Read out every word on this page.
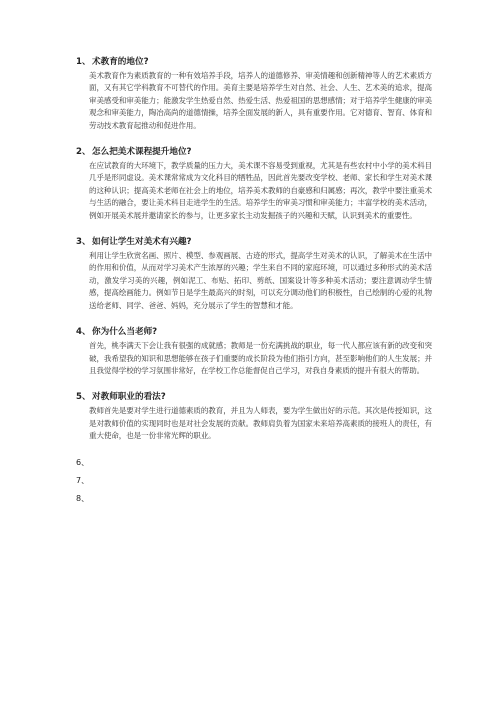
1、 术教育的地位?
美术教育作为素质教育的一种有效培养手段，培养人的道德修养、审美情趣和创新精神等人的艺术素质方面，又有其它学科教育不可替代的作用。美育主要是培养学生对自然、社会、人生、艺术美的追求，提高审美感受和审美能力；能激发学生热爱自然、热爱生活、热爱祖国的思想感情；对于培养学生健康的审美观念和审美能力，陶冶高尚的道德情操，培养全面发展的新人，具有重要作用。它对德育、智育、体育和劳动技术教育起推动和促进作用。
2、 怎么把美术课程提升地位?
在应试教育的大环境下，教学质量的压力大，美术课不容易受到重视，尤其是有些农村中小学的美术科目几乎是形同虚设。美术课常常成为文化科目的牺牲品，因此首先要改变学校、老师、家长和学生对美术课的这种认识；提高美术老师在社会上的地位，培养美术教师的自豪感和归属感；再次，教学中要注重美术与生活的融合，要让美术科目走进学生的生活。培养学生的审美习惯和审美能力；丰富学校的美术活动，例如开展美术展并邀请家长的参与，让更多家长主动发掘孩子的兴趣和天赋，认识到美术的重要性。
3、 如何让学生对美术有兴趣?
利用让学生欣赏名画、照片、模型、参观画展、古迹的形式，提高学生对美术的认识，了解美术在生活中的作用和价值，从而对学习美术产生浓厚的兴趣；学生来自不同的家庭环境，可以通过多种形式的美术活动，激发学习美的兴趣，例如泥工、布贴、拓印、剪纸、国案设计等多种美术活动；要注意调动学生情感，提高绘画能力。例如节日是学生最高兴的时刻，可以充分调动他们的积极性，自己绘制的心爱的礼物送给老师、同学、爸爸、妈妈，充分展示了学生的智慧和才能。
4、 你为什么当老师?
首先，桃李满天下会让我有很强的成就感；教师是一份充满挑战的职业，每一代人都应该有新的改变和突破，我希望我的知识和思想能够在孩子们重要的成长阶段为他们指引方向，甚至影响他们的人生发展；并且我觉得学校的学习氛围非常好，在学校工作总能督促自己学习，对我自身素质的提升有很大的帮助。
5、 对教师职业的看法?
教师首先是要对学生进行道德素质的教育，并且为人师表，要为学生做出好的示范。其次是传授知识，这是对教师价值的实现同时也是对社会发展的贡献。教师肩负着为国家未来培养高素质的接班人的责任，有重大使命，也是一份非常光辉的职业。
6、
7、
8、
